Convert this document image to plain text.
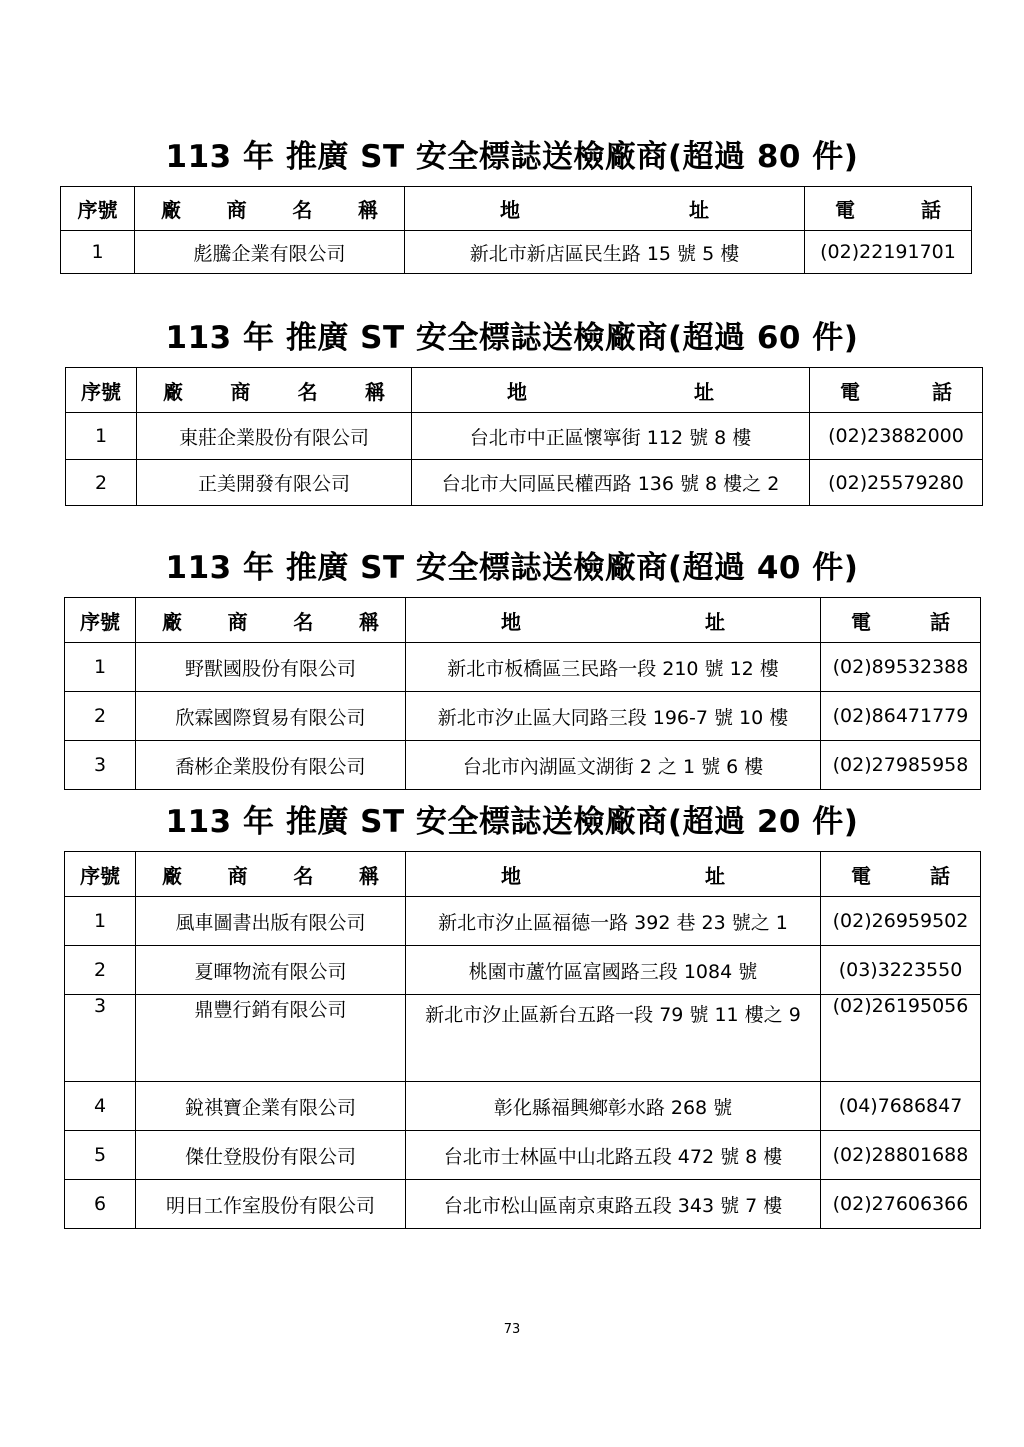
113 年 推廣 ST 安全標誌送檢廠商(超過 80 件)
序號	廠 商 名 稱	地 址	電 話

1	彪騰企業有限公司	新北市新店區民生路 15 號 5 樓	(02)22191701
113 年 推廣 ST 安全標誌送檢廠商(超過 60 件)
序號	廠 商 名 稱	地 址	電 話

1	東莊企業股份有限公司	台北市中正區懷寧街 112 號 8 樓	(02)23882000
2	正美開發有限公司	台北市大同區民權西路 136 號 8 樓之 2	(02)25579280
113 年 推廣 ST 安全標誌送檢廠商(超過 40 件)
序號	廠 商 名 稱	地 址	電 話

1	野獸國股份有限公司	新北市板橋區三民路一段 210 號 12 樓	(02)89532388
2	欣霖國際貿易有限公司	新北市汐止區大同路三段 196-7 號 10 樓	(02)86471779
3	喬彬企業股份有限公司	台北市內湖區文湖街 2 之 1 號 6 樓	(02)27985958
113 年 推廣 ST 安全標誌送檢廠商(超過 20 件)
序號	廠 商 名 稱	地 址	電 話

1	風車圖書出版有限公司	新北市汐止區福德一路 392 巷 23 號之 1	(02)26959502
2	夏暉物流有限公司	桃園市蘆竹區富國路三段 1084 號	(03)3223550
3	鼎豐行銷有限公司	新北市汐止區新台五路一段 79 號 11 樓之 9	(02)26195056
4	銳祺寶企業有限公司	彰化縣福興鄉彰水路 268 號	(04)7686847
5	傑仕登股份有限公司	台北市士林區中山北路五段 472 號 8 樓	(02)28801688
6	明日工作室股份有限公司	台北市松山區南京東路五段 343 號 7 樓	(02)27606366
73
